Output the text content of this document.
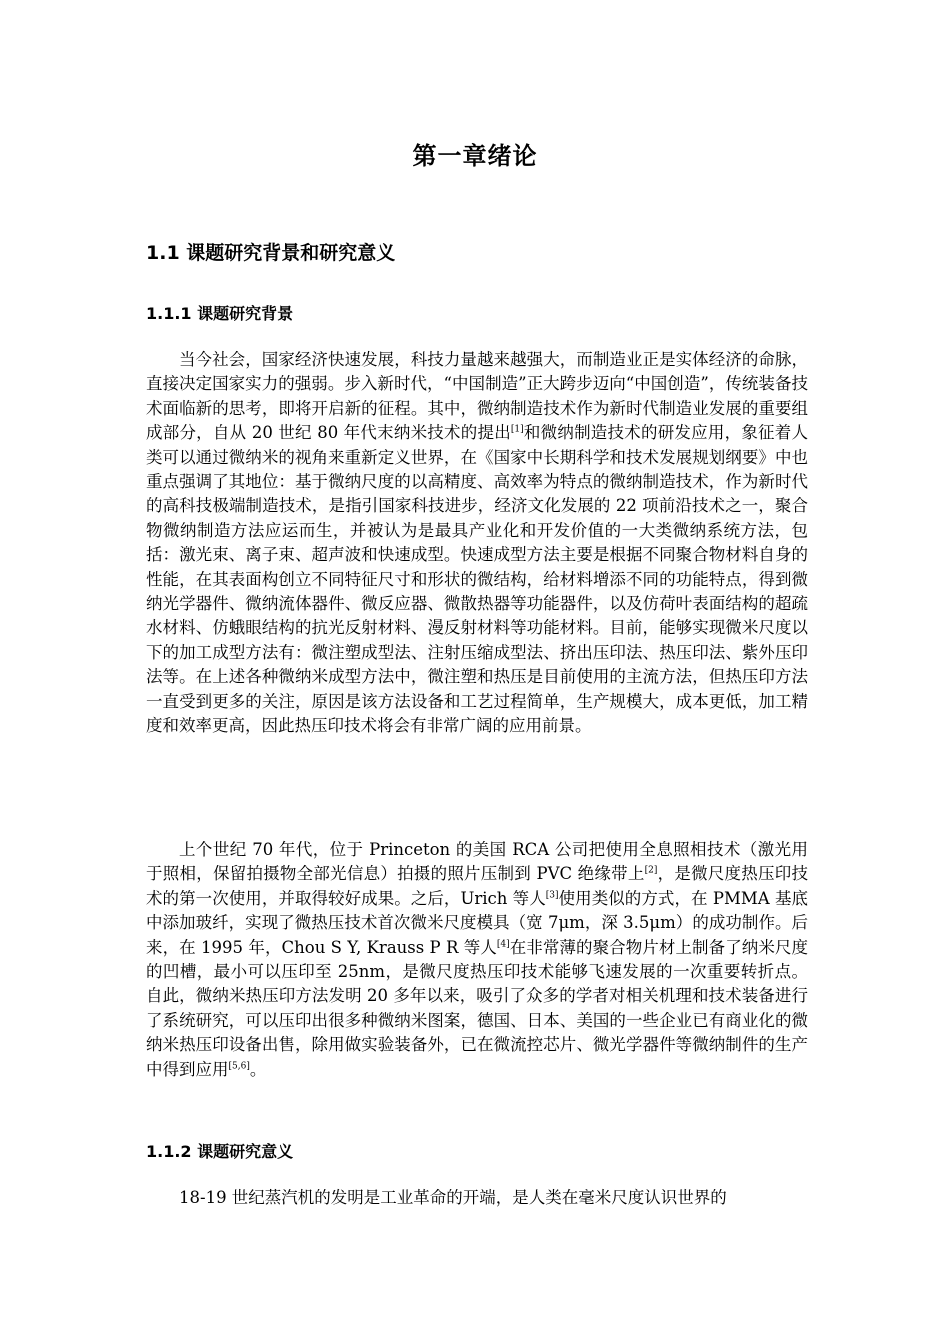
第一章绪论
1.1 课题研究背景和研究意义
1.1.1 课题研究背景
当今社会，国家经济快速发展，科技力量越来越强大，而制造业正是实体经济的命脉，直接决定国家实力的强弱。步入新时代，“中国制造”正大跨步迈向“中国创造”，传统装备技术面临新的思考，即将开启新的征程。其中，微纳制造技术作为新时代制造业发展的重要组成部分，自从 20 世纪 80 年代末纳米技术的提出[1]和微纳制造技术的研发应用，象征着人类可以通过微纳米的视角来重新定义世界，在《国家中长期科学和技术发展规划纲要》中也重点强调了其地位：基于微纳尺度的以高精度、高效率为特点的微纳制造技术，作为新时代的高科技极端制造技术，是指引国家科技进步，经济文化发展的 22 项前沿技术之一，聚合物微纳制造方法应运而生，并被认为是最具产业化和开发价值的一大类微纳系统方法，包括：激光束、离子束、超声波和快速成型。快速成型方法主要是根据不同聚合物材料自身的性能，在其表面构创立不同特征尺寸和形状的微结构，给材料增添不同的功能特点，得到微纳光学器件、微纳流体器件、微反应器、微散热器等功能器件，以及仿荷叶表面结构的超疏水材料、仿蛾眼结构的抗光反射材料、漫反射材料等功能材料。目前，能够实现微米尺度以下的加工成型方法有：微注塑成型法、注射压缩成型法、挤出压印法、热压印法、紫外压印法等。在上述各种微纳米成型方法中，微注塑和热压是目前使用的主流方法，但热压印方法一直受到更多的关注，原因是该方法设备和工艺过程简单，生产规模大，成本更低，加工精度和效率更高，因此热压印技术将会有非常广阔的应用前景。
上个世纪 70 年代，位于 Princeton 的美国 RCA 公司把使用全息照相技术（激光用于照相，保留拍摄物全部光信息）拍摄的照片压制到 PVC 绝缘带上[2]，是微尺度热压印技术的第一次使用，并取得较好成果。之后，Urich 等人[3]使用类似的方式，在 PMMA 基底中添加玻纤，实现了微热压技术首次微米尺度模具（宽 7μm，深 3.5μm）的成功制作。后来，在 1995 年，Chou S Y, Krauss P R 等人[4]在非常薄的聚合物片材上制备了纳米尺度的凹槽，最小可以压印至 25nm，是微尺度热压印技术能够飞速发展的一次重要转折点。自此，微纳米热压印方法发明 20 多年以来，吸引了众多的学者对相关机理和技术装备进行了系统研究，可以压印出很多种微纳米图案，德国、日本、美国的一些企业已有商业化的微纳米热压印设备出售，除用做实验装备外，已在微流控芯片、微光学器件等微纳制件的生产中得到应用[5,6]。
1.1.2 课题研究意义
18-19 世纪蒸汽机的发明是工业革命的开端，是人类在毫米尺度认识世界的
